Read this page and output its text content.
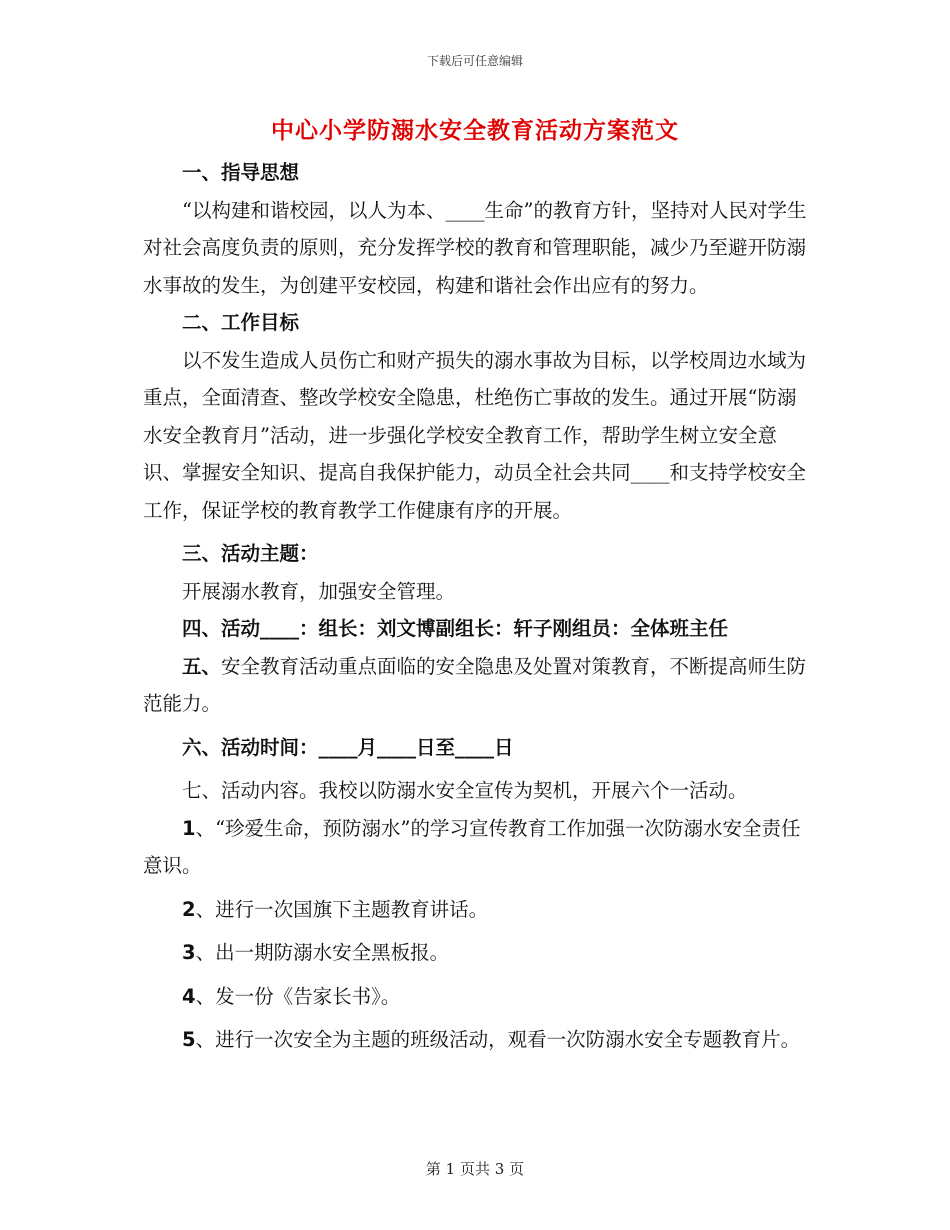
下载后可任意编辑
中心小学防溺水安全教育活动方案范文

一、指导思想

“以构建和谐校园，以人为本、____生命”的教育方针，坚持对人民对学生对社会高度负责的原则，充分发挥学校的教育和管理职能，减少乃至避开防溺水事故的发生，为创建平安校园，构建和谐社会作出应有的努力。

二、工作目标

以不发生造成人员伤亡和财产损失的溺水事故为目标，以学校周边水域为重点，全面清查、整改学校安全隐患，杜绝伤亡事故的发生。通过开展“防溺水安全教育月”活动，进一步强化学校安全教育工作，帮助学生树立安全意识、掌握安全知识、提高自我保护能力，动员全社会共同____和支持学校安全工作，保证学校的教育教学工作健康有序的开展。

三、活动主题：

开展溺水教育，加强安全管理。

四、活动____：组长：刘文博副组长：轩子刚组员：全体班主任

五、安全教育活动重点面临的安全隐患及处置对策教育，不断提高师生防范能力。

六、活动时间：____月____日至____日

七、活动内容。我校以防溺水安全宣传为契机，开展六个一活动。

1、“珍爱生命，预防溺水”的学习宣传教育工作加强一次防溺水安全责任意识。

2、进行一次国旗下主题教育讲话。

3、出一期防溺水安全黑板报。

4、发一份《告家长书》。

5、进行一次安全为主题的班级活动，观看一次防溺水安全专题教育片。

第 1 页共 3 页
